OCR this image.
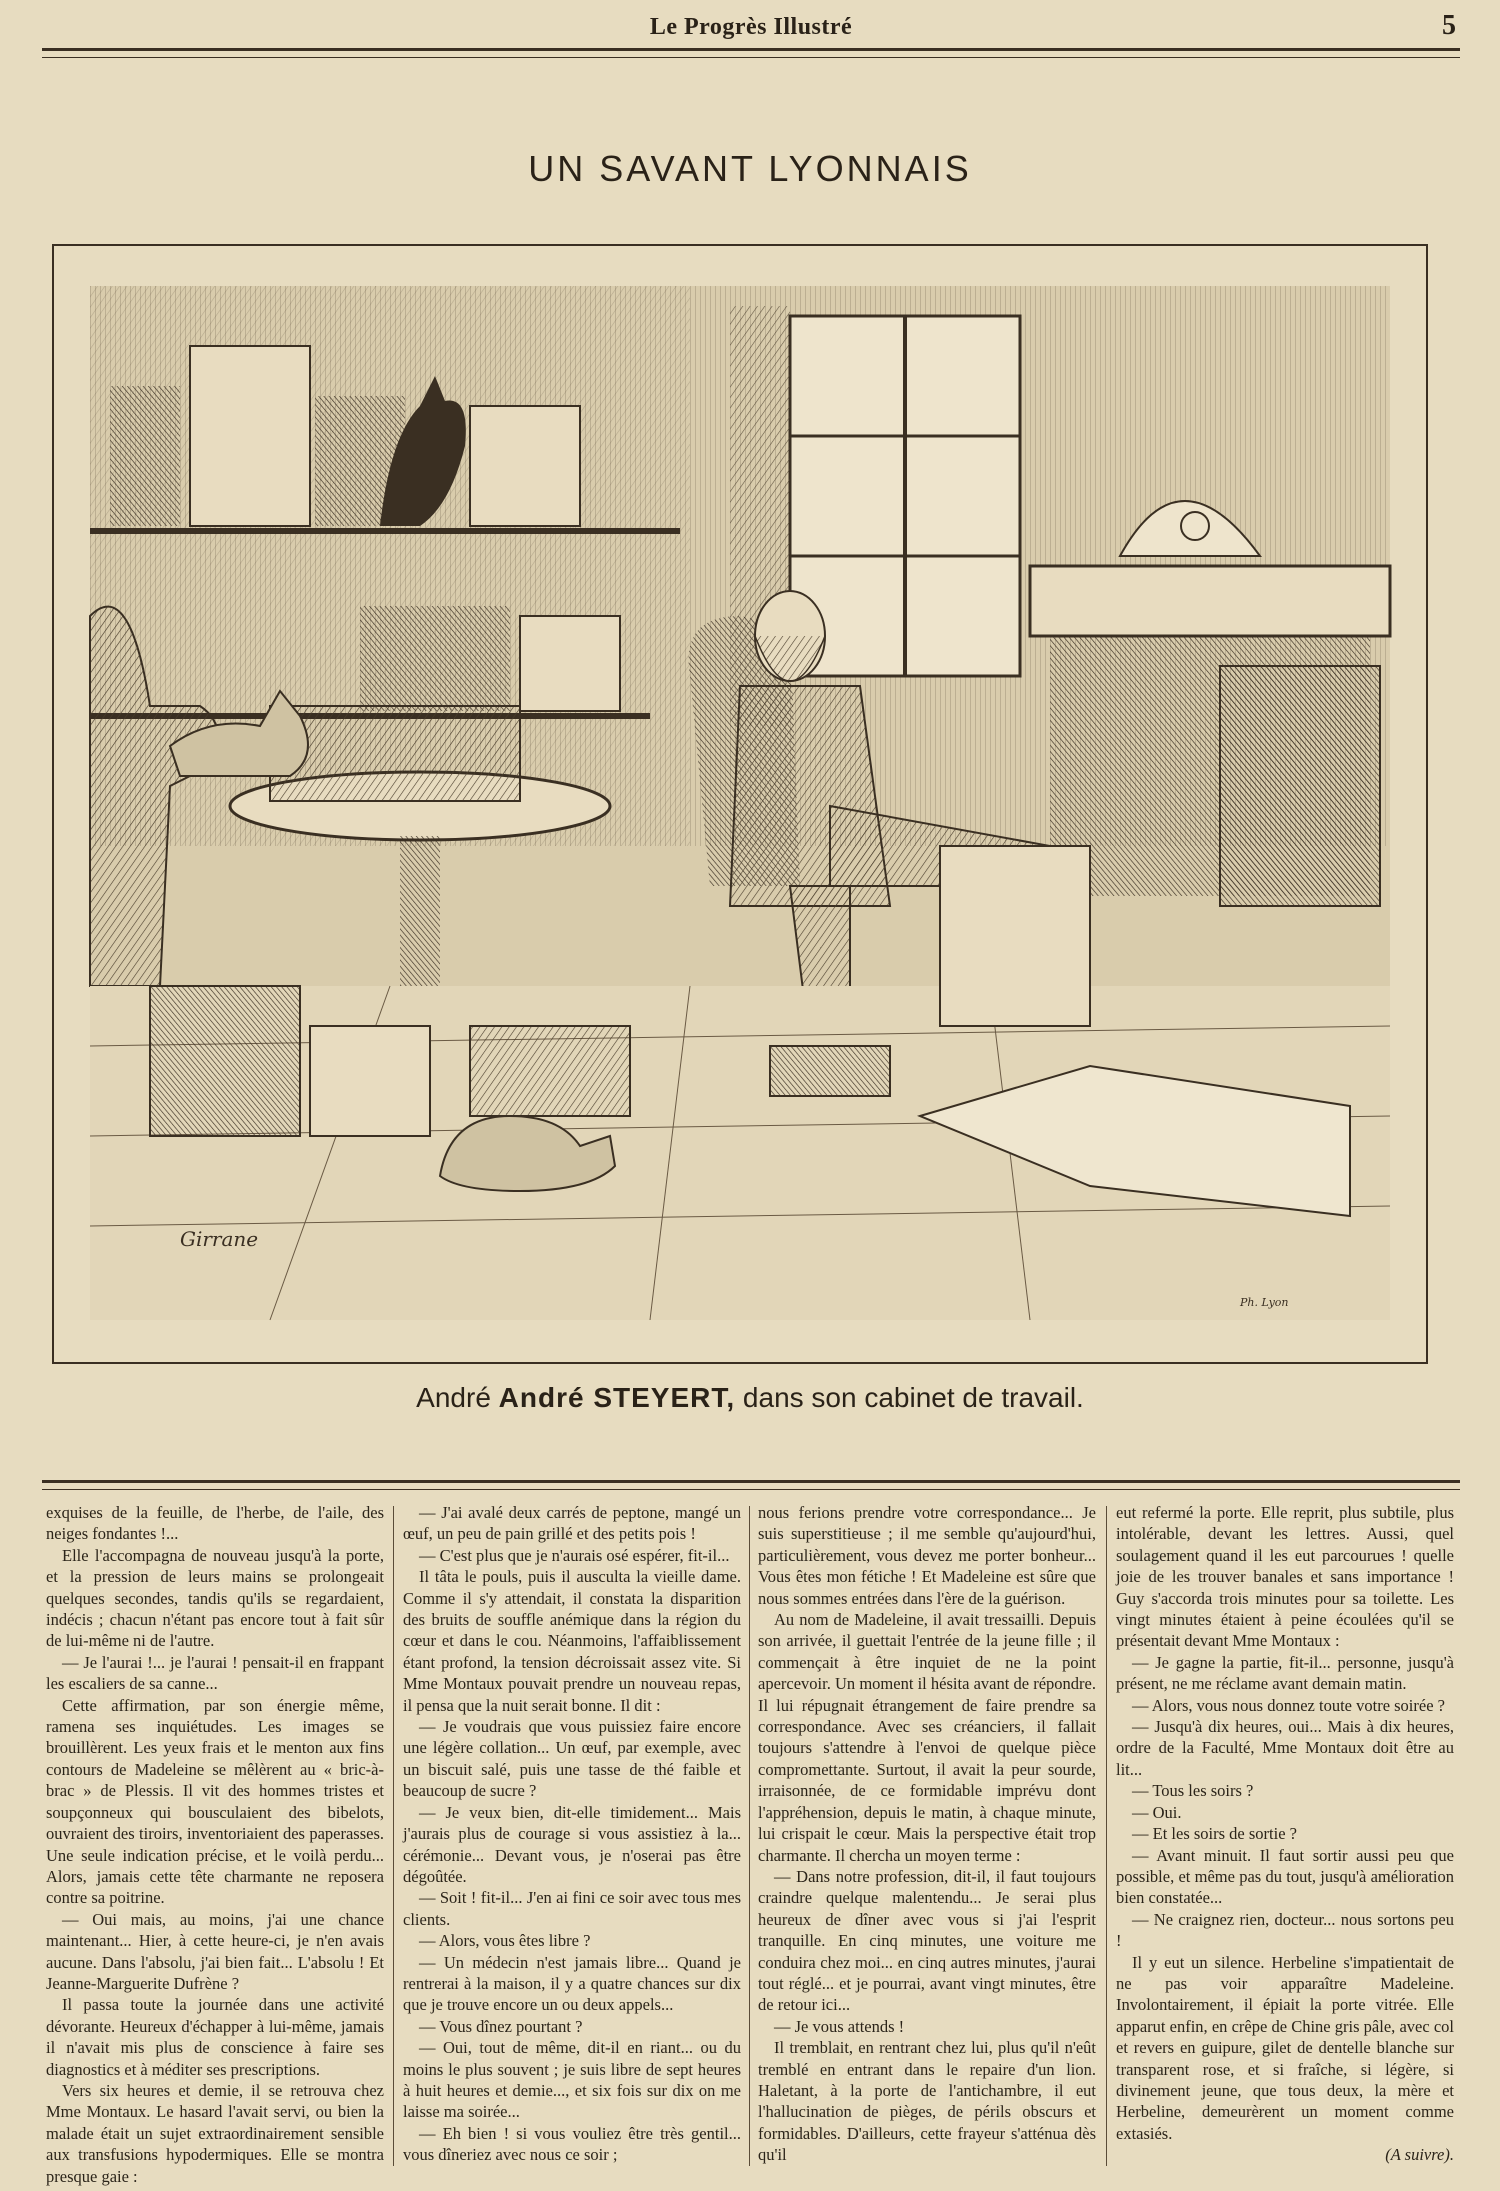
Le Progrès Illustré	5
UN SAVANT LYONNAIS
Girrane
Ph. Lyon
André André STEYERT, dans son cabinet de travail.

exquises de la feuille, de l'herbe, de l'aile, des neiges fondantes !...

Elle l'accompagna de nouveau jusqu'à la porte, et la pression de leurs mains se prolongeait quelques secondes, tandis qu'ils se regardaient, indécis ; chacun n'étant pas encore tout à fait sûr de lui-même ni de l'autre.

— Je l'aurai !... je l'aurai ! pensait-il en frappant les escaliers de sa canne...

Cette affirmation, par son énergie même, ramena ses inquiétudes. Les images se brouillèrent. Les yeux frais et le menton aux fins contours de Madeleine se mêlèrent au « bric-à-brac » de Plessis. Il vit des hommes tristes et soupçonneux qui bousculaient des bibelots, ouvraient des tiroirs, inventoriaient des paperasses. Une seule indication précise, et le voilà perdu... Alors, jamais cette tête charmante ne reposera contre sa poitrine.

— Oui mais, au moins, j'ai une chance maintenant... Hier, à cette heure-ci, je n'en avais aucune. Dans l'absolu, j'ai bien fait... L'absolu ! Et Jeanne-Marguerite Dufrène ?

Il passa toute la journée dans une activité dévorante. Heureux d'échapper à lui-même, jamais il n'avait mis plus de conscience à faire ses diagnostics et à méditer ses prescriptions.

Vers six heures et demie, il se retrouva chez Mme Montaux. Le hasard l'avait servi, ou bien la malade était un sujet extraordinairement sensible aux transfusions hypodermiques. Elle se montra presque gaie :

— J'ai avalé deux carrés de peptone, mangé un œuf, un peu de pain grillé et des petits pois !

— C'est plus que je n'aurais osé espérer, fit-il...

Il tâta le pouls, puis il ausculta la vieille dame. Comme il s'y attendait, il constata la disparition des bruits de souffle anémique dans la région du cœur et dans le cou. Néanmoins, l'affaiblissement étant profond, la tension décroissait assez vite. Si Mme Montaux pouvait prendre un nouveau repas, il pensa que la nuit serait bonne. Il dit :

— Je voudrais que vous puissiez faire encore une légère collation... Un œuf, par exemple, avec un biscuit salé, puis une tasse de thé faible et beaucoup de sucre ?

— Je veux bien, dit-elle timidement... Mais j'aurais plus de courage si vous assistiez à la... cérémonie... Devant vous, je n'oserai pas être dégoûtée.

— Soit ! fit-il... J'en ai fini ce soir avec tous mes clients.

— Alors, vous êtes libre ?

— Un médecin n'est jamais libre... Quand je rentrerai à la maison, il y a quatre chances sur dix que je trouve encore un ou deux appels...

— Vous dînez pourtant ?

— Oui, tout de même, dit-il en riant... ou du moins le plus souvent ; je suis libre de sept heures à huit heures et demie..., et six fois sur dix on me laisse ma soirée...

— Eh bien ! si vous vouliez être très gentil... vous dîneriez avec nous ce soir ;

nous ferions prendre votre correspondance... Je suis superstitieuse ; il me semble qu'aujourd'hui, particulièrement, vous devez me porter bonheur... Vous êtes mon fétiche ! Et Madeleine est sûre que nous sommes entrées dans l'ère de la guérison.

Au nom de Madeleine, il avait tressailli. Depuis son arrivée, il guettait l'entrée de la jeune fille ; il commençait à être inquiet de ne la point apercevoir. Un moment il hésita avant de répondre. Il lui répugnait étrangement de faire prendre sa correspondance. Avec ses créanciers, il fallait toujours s'attendre à l'envoi de quelque pièce compromettante. Surtout, il avait la peur sourde, irraisonnée, de ce formidable imprévu dont l'appréhension, depuis le matin, à chaque minute, lui crispait le cœur. Mais la perspective était trop charmante. Il chercha un moyen terme :

— Dans notre profession, dit-il, il faut toujours craindre quelque malentendu... Je serai plus heureux de dîner avec vous si j'ai l'esprit tranquille. En cinq minutes, une voiture me conduira chez moi... en cinq autres minutes, j'aurai tout réglé... et je pourrai, avant vingt minutes, être de retour ici...

— Je vous attends !

Il tremblait, en rentrant chez lui, plus qu'il n'eût tremblé en entrant dans le repaire d'un lion. Haletant, à la porte de l'antichambre, il eut l'hallucination de pièges, de périls obscurs et formidables. D'ailleurs, cette frayeur s'atténua dès qu'il

eut refermé la porte. Elle reprit, plus subtile, plus intolérable, devant les lettres. Aussi, quel soulagement quand il les eut parcourues ! quelle joie de les trouver banales et sans importance ! Guy s'accorda trois minutes pour sa toilette. Les vingt minutes étaient à peine écoulées qu'il se présentait devant Mme Montaux :

— Je gagne la partie, fit-il... personne, jusqu'à présent, ne me réclame avant demain matin.

— Alors, vous nous donnez toute votre soirée ?

— Jusqu'à dix heures, oui... Mais à dix heures, ordre de la Faculté, Mme Montaux doit être au lit...

— Tous les soirs ?

— Oui.

— Et les soirs de sortie ?

— Avant minuit. Il faut sortir aussi peu que possible, et même pas du tout, jusqu'à amélioration bien constatée...

— Ne craignez rien, docteur... nous sortons peu !

Il y eut un silence. Herbeline s'impatientait de ne pas voir apparaître Madeleine. Involontairement, il épiait la porte vitrée. Elle apparut enfin, en crêpe de Chine gris pâle, avec col et revers en guipure, gilet de dentelle blanche sur transparent rose, et si fraîche, si légère, si divinement jeune, que tous deux, la mère et Herbeline, demeurèrent un moment comme extasiés.

(A suivre).
